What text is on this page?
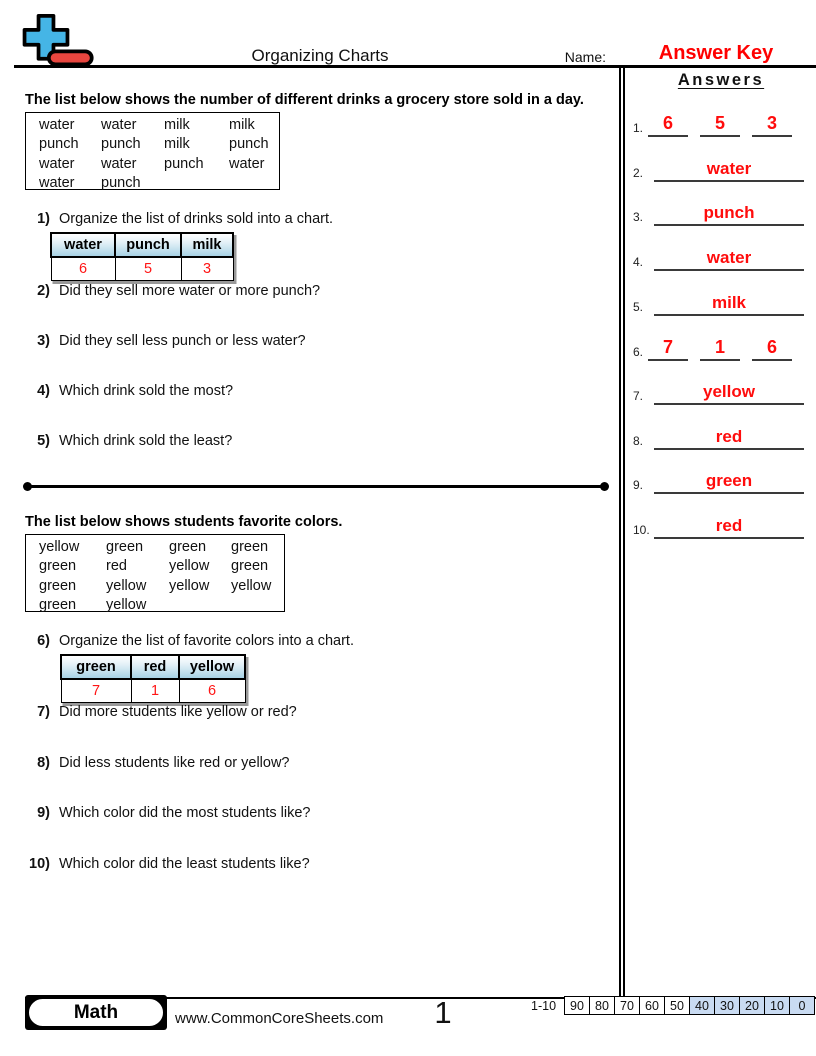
Organizing Charts	Name:	Answer Key
Answers
1.	6	5	3
2.	water
3.	punch
4.	water
5.	milk
6.	7	1	6
7.	yellow
8.	red
9.	green
10.	red
The list below shows the number of different drinks a grocery store sold in a day.
water	water	milk	milk
punch	punch	milk	punch
water	water	punch	water
water	punch
1) Organize the list of drinks sold into a chart.
water	punch	milk
6	5	3
2) Did they sell more water or more punch?
3) Did they sell less punch or less water?
4) Which drink sold the most?
5) Which drink sold the least?
The list below shows students favorite colors.
yellow	green	green	green
green	red	yellow	green
green	yellow	yellow	yellow
green	yellow
6) Organize the list of favorite colors into a chart.
green	red	yellow
7	1	6
7) Did more students like yellow or red?
8) Did less students like red or yellow?
9) Which color did the most students like?
10) Which color did the least students like?
Math	www.CommonCoreSheets.com	1	1-10 90	80	70	60	50	40	30	20	10	0
